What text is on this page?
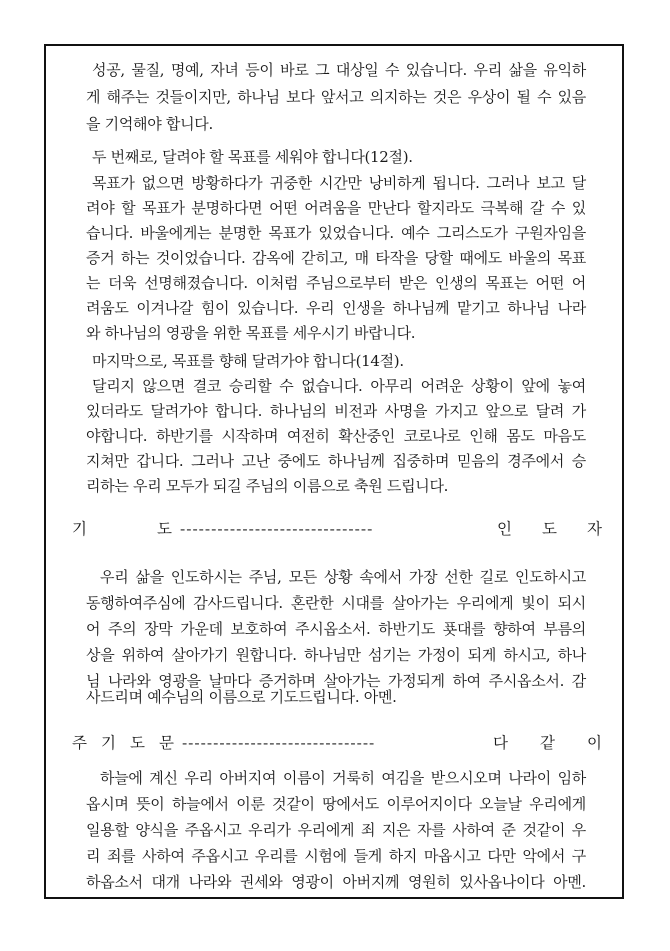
성공, 물질, 명예, 자녀 등이 바로 그 대상일 수 있습니다. 우리 삶을 유익하
게 해주는 것들이지만, 하나님 보다 앞서고 의지하는 것은 우상이 될 수 있음
을 기억해야 합니다.
두 번째로, 달려야 할 목표를 세워야 합니다(12절).
목표가 없으면 방황하다가 귀중한 시간만 낭비하게 됩니다. 그러나 보고 달
려야 할 목표가 분명하다면 어떤 어려움을 만난다 할지라도 극복해 갈 수 있
습니다. 바울에게는 분명한 목표가 있었습니다. 예수 그리스도가 구원자임을
증거 하는 것이었습니다. 감옥에 갇히고, 매 타작을 당할 때에도 바울의 목표
는 더욱 선명해졌습니다. 이처럼 주님으로부터 받은 인생의 목표는 어떤 어
려움도 이겨나갈 힘이 있습니다. 우리 인생을 하나님께 맡기고 하나님 나라
와 하나님의 영광을 위한 목표를 세우시기 바랍니다.
마지막으로, 목표를 향해 달려가야 합니다(14절).
달리지 않으면 결코 승리할 수 없습니다. 아무리 어려운 상황이 앞에 놓여
있더라도 달려가야 합니다. 하나님의 비전과 사명을 가지고 앞으로 달려 가
야합니다. 하반기를 시작하며 여전히 확산중인 코로나로 인해 몸도 마음도
지쳐만 갑니다. 그러나 고난 중에도 하나님께 집중하며 믿음의 경주에서 승
리하는 우리 모두가 되길 주님의 이름으로 축원 드립니다.
기	도 -------------------------------	인 도 자
우리 삶을 인도하시는 주님, 모든 상황 속에서 가장 선한 길로 인도하시고
동행하여주심에 감사드립니다. 혼란한 시대를 살아가는 우리에게 빛이 되시
어 주의 장막 가운데 보호하여 주시옵소서. 하반기도 푯대를 향하여 부름의
상을 위하여 살아가기 원합니다. 하나님만 섬기는 가정이 되게 하시고, 하나
님 나라와 영광을 날마다 증거하며 살아가는 가정되게 하여 주시옵소서. 감
사드리며 예수님의 이름으로 기도드립니다. 아멘.
주 기 도 문 -------------------------------	다 같 이
하늘에 계신 우리 아버지여 이름이 거룩히 여김을 받으시오며 나라이 임하
옵시며 뜻이 하늘에서 이룬 것같이 땅에서도 이루어지이다 오늘날 우리에게
일용할 양식을 주옵시고 우리가 우리에게 죄 지은 자를 사하여 준 것같이 우
리 죄를 사하여 주옵시고 우리를 시험에 들게 하지 마옵시고 다만 악에서 구
하옵소서 대개 나라와 권세와 영광이 아버지께 영원히 있사옵나이다 아멘.
